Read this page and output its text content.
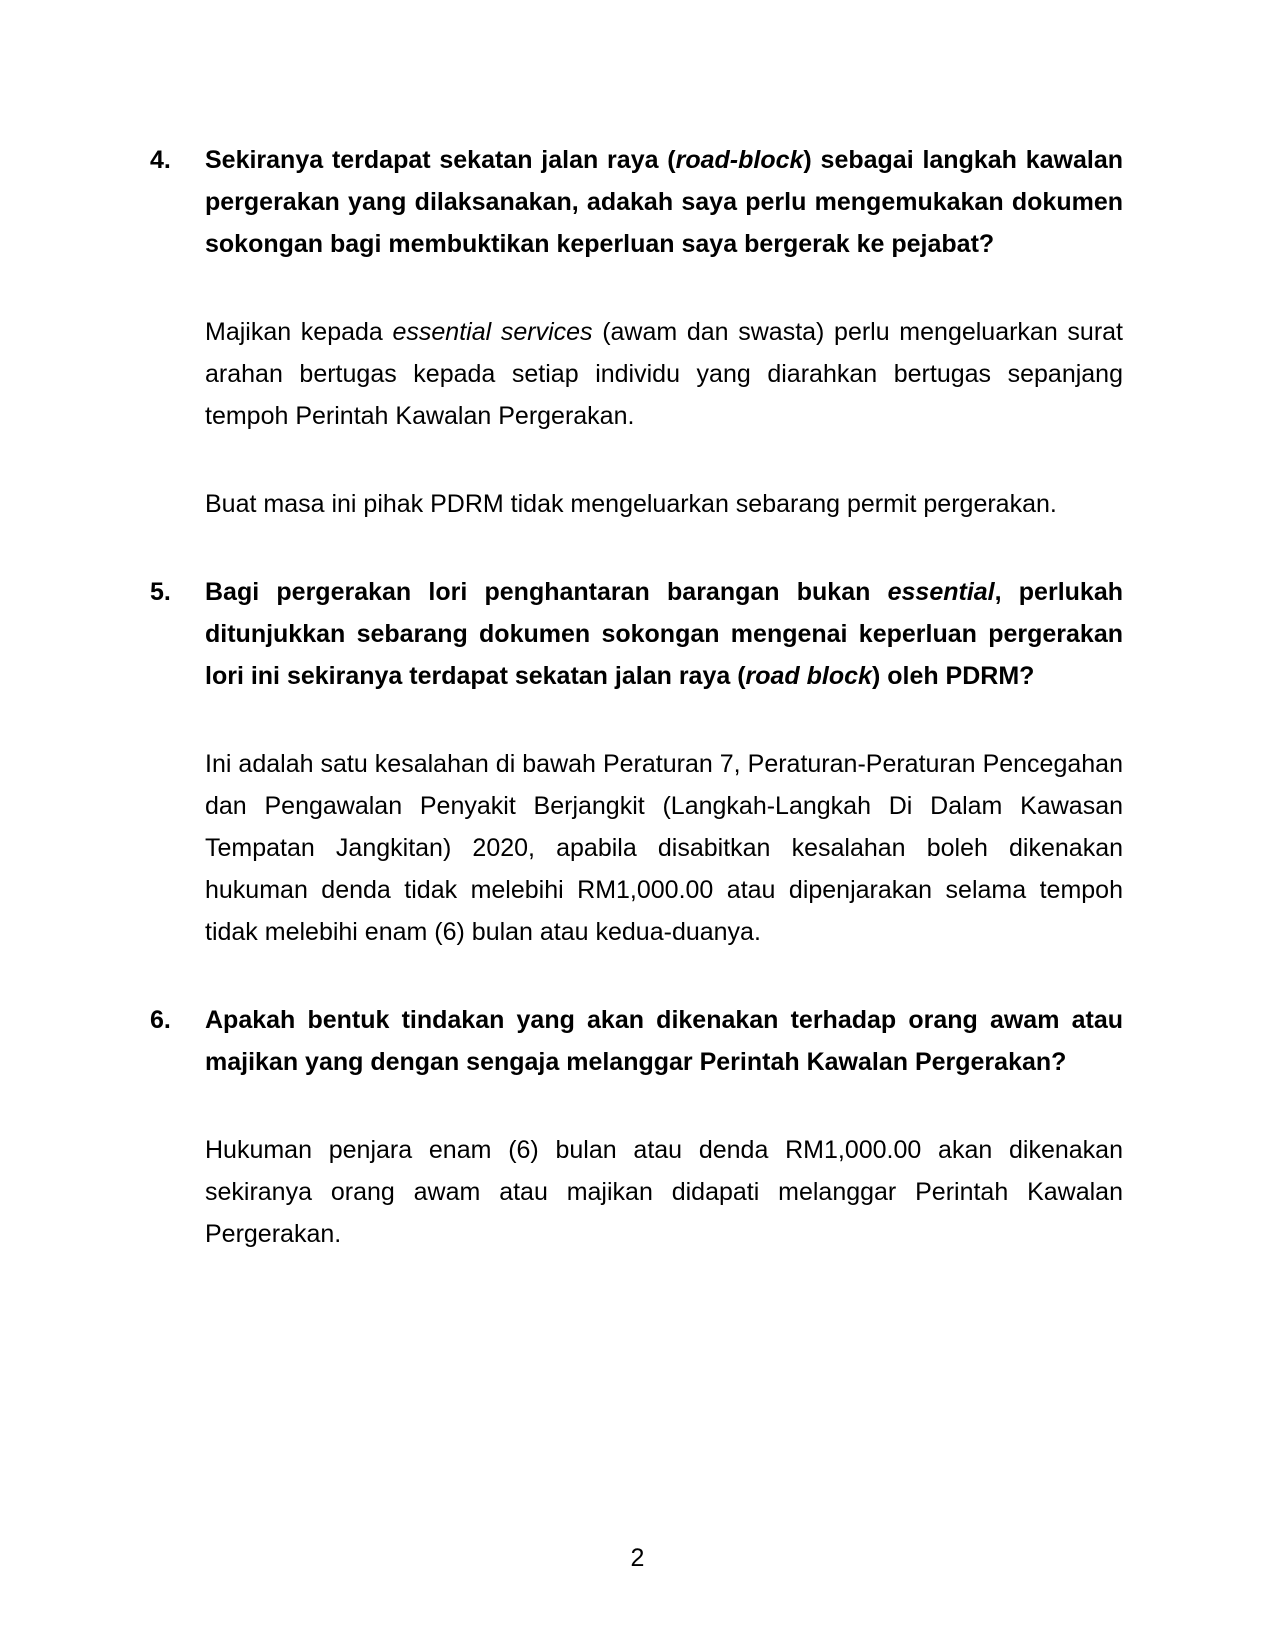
4.	Sekiranya terdapat sekatan jalan raya (road-block) sebagai langkah kawalan pergerakan yang dilaksanakan, adakah saya perlu mengemukakan dokumen sokongan bagi membuktikan keperluan saya bergerak ke pejabat?

Majikan kepada essential services (awam dan swasta) perlu mengeluarkan surat arahan bertugas kepada setiap individu yang diarahkan bertugas sepanjang tempoh Perintah Kawalan Pergerakan.

Buat masa ini pihak PDRM tidak mengeluarkan sebarang permit pergerakan.

5.	Bagi pergerakan lori penghantaran barangan bukan essential, perlukah ditunjukkan sebarang dokumen sokongan mengenai keperluan pergerakan lori ini sekiranya terdapat sekatan jalan raya (road block) oleh PDRM?

Ini adalah satu kesalahan di bawah Peraturan 7, Peraturan-Peraturan Pencegahan dan Pengawalan Penyakit Berjangkit (Langkah-Langkah Di Dalam Kawasan Tempatan Jangkitan) 2020, apabila disabitkan kesalahan boleh dikenakan hukuman denda tidak melebihi RM1,000.00 atau dipenjarakan selama tempoh tidak melebihi enam (6) bulan atau kedua-duanya.

6.	Apakah bentuk tindakan yang akan dikenakan terhadap orang awam atau majikan yang dengan sengaja melanggar Perintah Kawalan Pergerakan?

Hukuman penjara enam (6) bulan atau denda RM1,000.00 akan dikenakan sekiranya orang awam atau majikan didapati melanggar Perintah Kawalan Pergerakan.

2
